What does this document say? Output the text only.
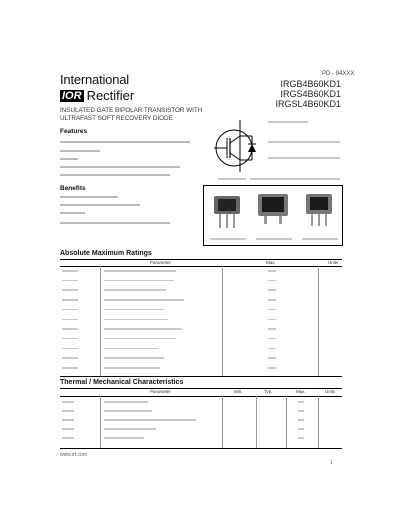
PD - 94XXX
International
IOR Rectifier
IRGB4B60KD1
IRGS4B60KD1
IRGSL4B60KD1
INSULATED GATE BIPOLAR TRANSISTOR WITH
ULTRAFAST SOFT RECOVERY DIODE
Features
Benefits
Absolute Maximum Ratings
Parameter	Max.	Units
Thermal / Mechanical Characteristics
Parameter	Min.	Typ.	Max.	Units
www.irf.com
1
